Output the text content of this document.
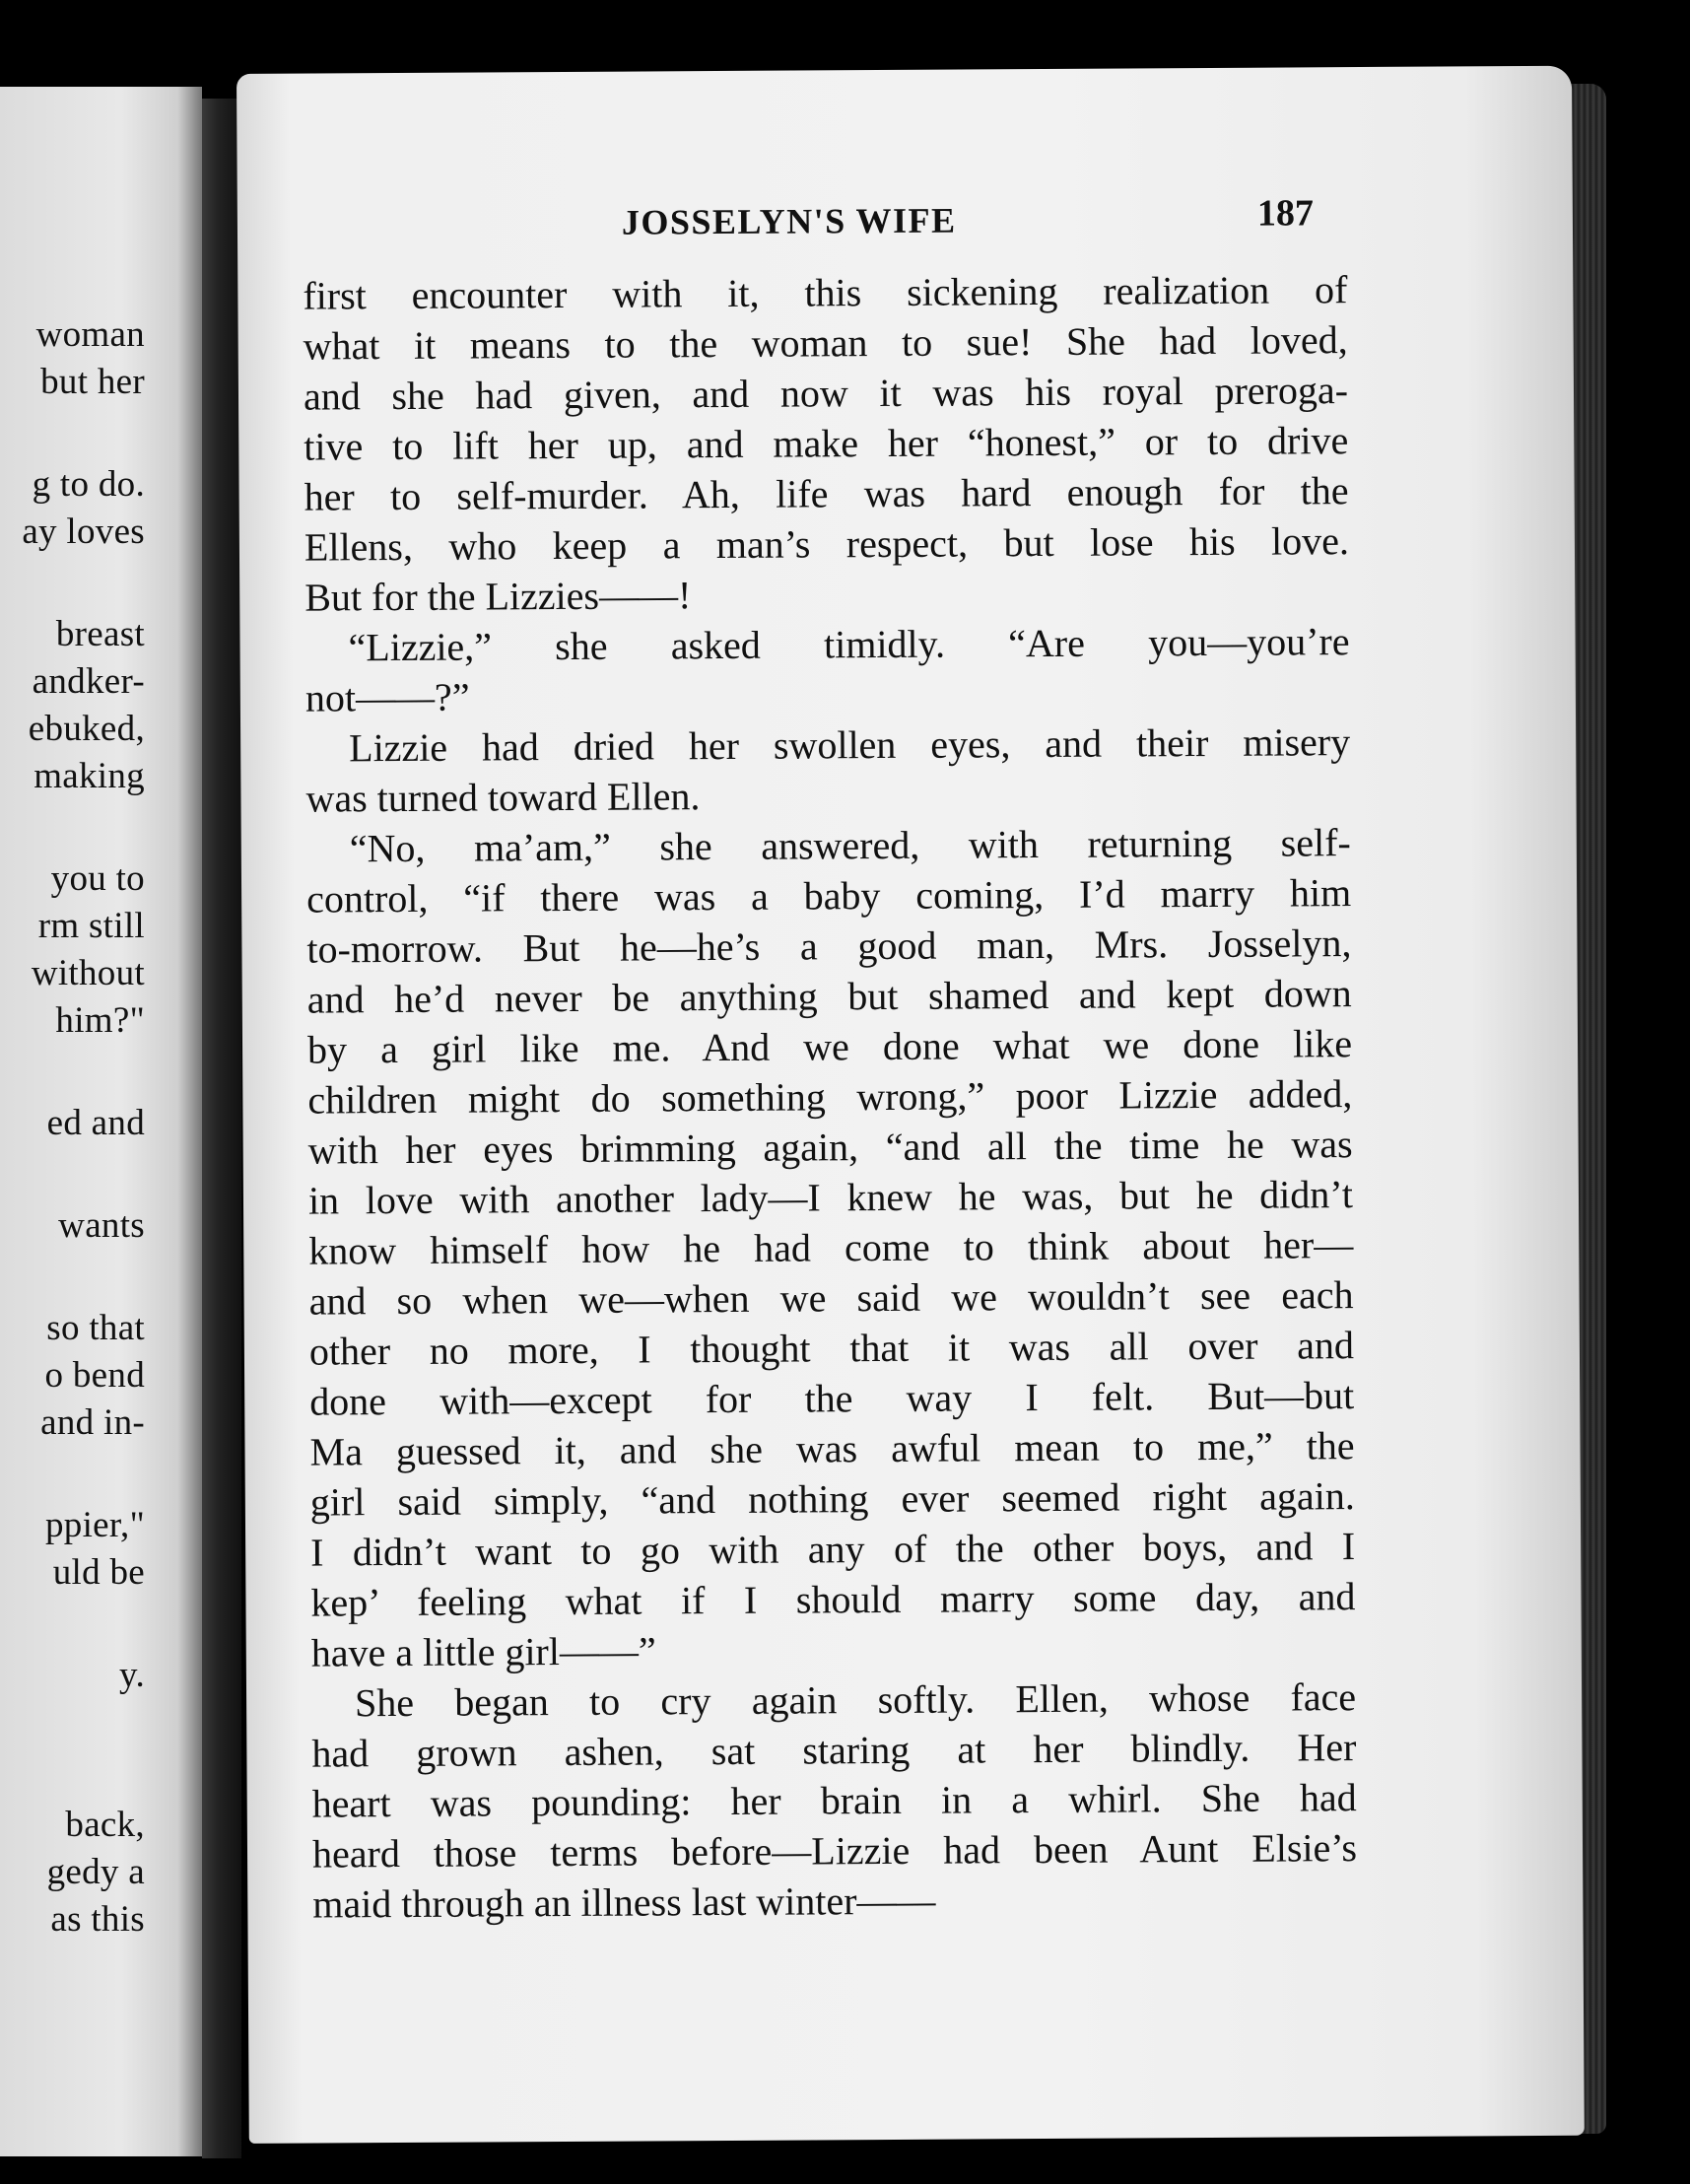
woman
but her
g to do.
ay loves
breast
andker-
ebuked,
making
you to
rm still
without
him?"
ed and
wants
so that
o bend
and in-
ppier,"
uld be
y.
back,
gedy a
as this
JOSSELYN'S WIFE	187
first encounter with it, this sickening realization of
what it means to the woman to sue! She had loved,
and she had given, and now it was his royal preroga-
tive to lift her up, and make her “honest,” or to drive
her to self-murder. Ah, life was hard enough for the
Ellens, who keep a man’s respect, but lose his love.
But for the Lizzies——!
“Lizzie,” she asked timidly. “Are you—you’re
not——?”
Lizzie had dried her swollen eyes, and their misery
was turned toward Ellen.
“No, ma’am,” she answered, with returning self-
control, “if there was a baby coming, I’d marry him
to-morrow. But he—he’s a good man, Mrs. Josselyn,
and he’d never be anything but shamed and kept down
by a girl like me. And we done what we done like
children might do something wrong,” poor Lizzie added,
with her eyes brimming again, “and all the time he was
in love with another lady—I knew he was, but he didn’t
know himself how he had come to think about her—
and so when we—when we said we wouldn’t see each
other no more, I thought that it was all over and
done with—except for the way I felt. But—but
Ma guessed it, and she was awful mean to me,” the
girl said simply, “and nothing ever seemed right again.
I didn’t want to go with any of the other boys, and I
kep’ feeling what if I should marry some day, and
have a little girl——”
She began to cry again softly. Ellen, whose face
had grown ashen, sat staring at her blindly. Her
heart was pounding: her brain in a whirl. She had
heard those terms before—Lizzie had been Aunt Elsie’s
maid through an illness last winter——
